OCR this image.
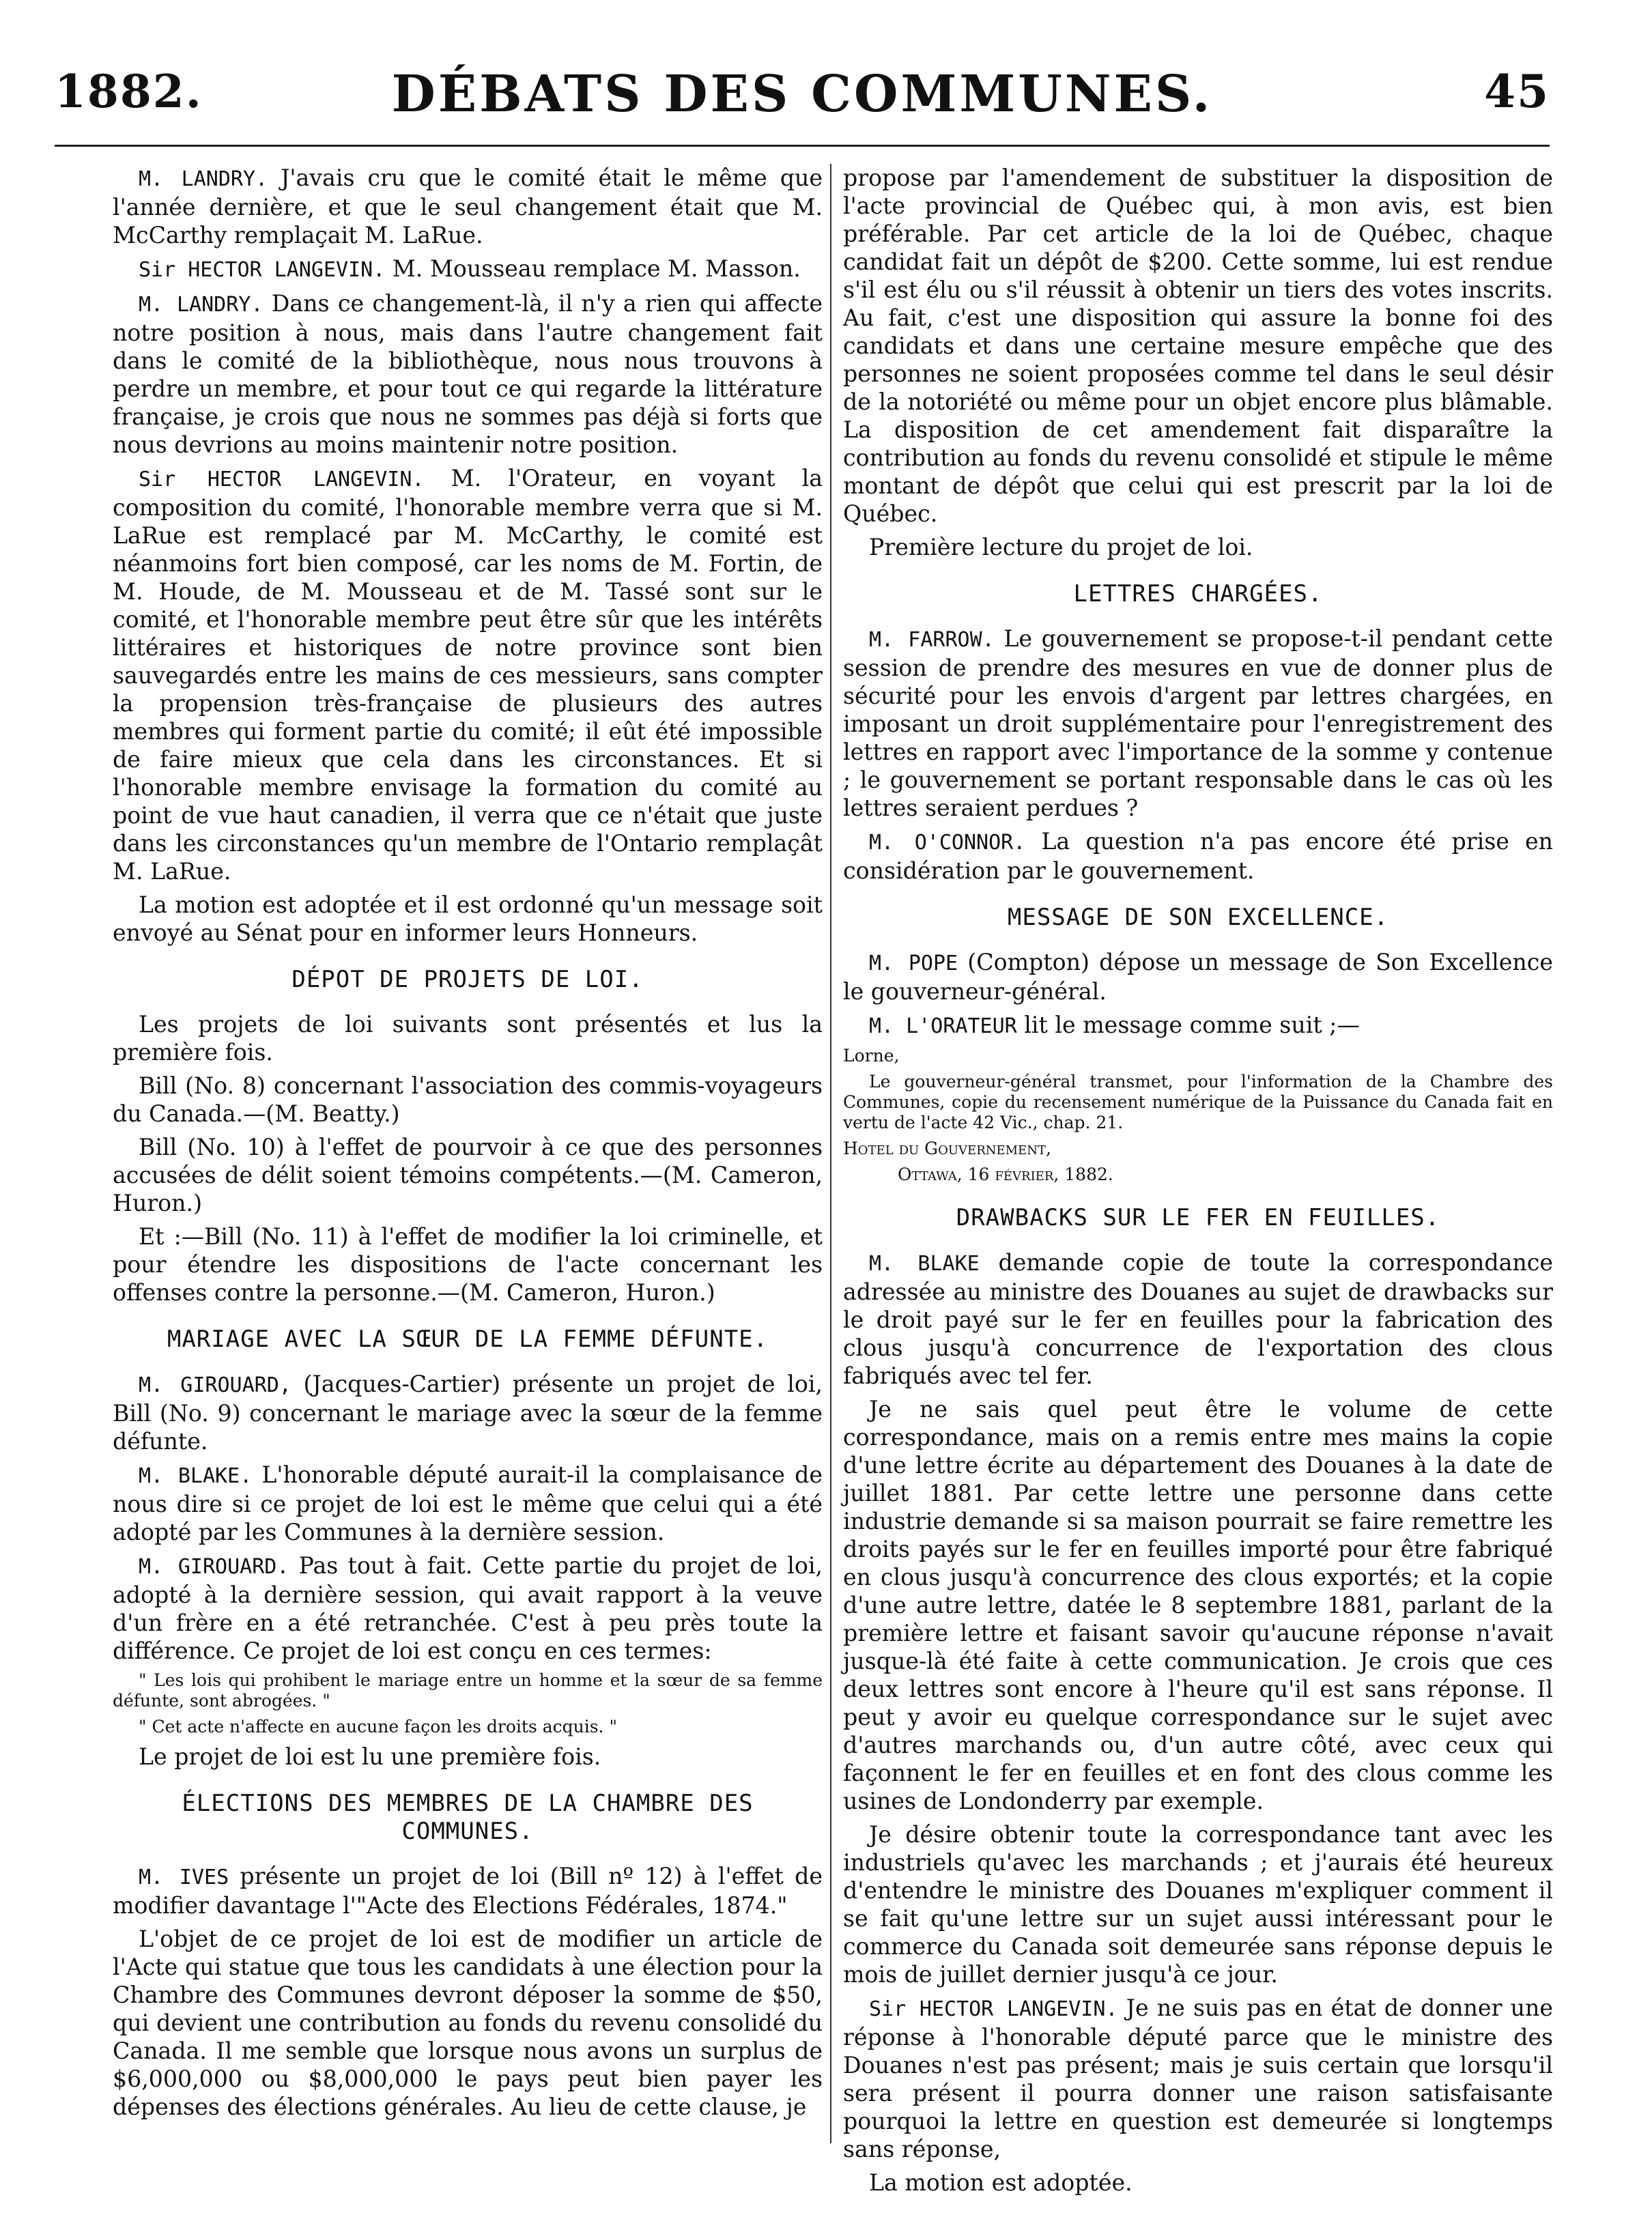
1882.	DÉBATS DES COMMUNES.	45

M. LANDRY. J'avais cru que le comité était le même que l'année dernière, et que le seul changement était que M. McCarthy remplaçait M. LaRue.

Sir HECTOR LANGEVIN. M. Mousseau remplace M. Masson.

M. LANDRY. Dans ce changement-là, il n'y a rien qui affecte notre position à nous, mais dans l'autre changement fait dans le comité de la bibliothèque, nous nous trouvons à perdre un membre, et pour tout ce qui regarde la littérature française, je crois que nous ne sommes pas déjà si forts que nous devrions au moins maintenir notre position.

Sir HECTOR LANGEVIN. M. l'Orateur, en voyant la composition du comité, l'honorable membre verra que si M. LaRue est remplacé par M. McCarthy, le comité est néanmoins fort bien composé, car les noms de M. Fortin, de M. Houde, de M. Mousseau et de M. Tassé sont sur le comité, et l'honorable membre peut être sûr que les intérêts littéraires et historiques de notre province sont bien sauvegardés entre les mains de ces messieurs, sans compter la propension très-française de plusieurs des autres membres qui forment partie du comité; il eût été impossible de faire mieux que cela dans les circonstances. Et si l'honorable membre envisage la formation du comité au point de vue haut canadien, il verra que ce n'était que juste dans les circonstances qu'un membre de l'Ontario remplaçât M. LaRue.

La motion est adoptée et il est ordonné qu'un message soit envoyé au Sénat pour en informer leurs Honneurs.

DÉPOT DE PROJETS DE LOI.

Les projets de loi suivants sont présentés et lus la première fois.

Bill (No. 8) concernant l'association des commis-voyageurs du Canada.—(M. Beatty.)

Bill (No. 10) à l'effet de pourvoir à ce que des personnes accusées de délit soient témoins compétents.—(M. Cameron, Huron.)

Et :—Bill (No. 11) à l'effet de modifier la loi criminelle, et pour étendre les dispositions de l'acte concernant les offenses contre la personne.—(M. Cameron, Huron.)

MARIAGE AVEC LA SŒUR DE LA FEMME DÉFUNTE.

M. GIROUARD, (Jacques-Cartier) présente un projet de loi, Bill (No. 9) concernant le mariage avec la sœur de la femme défunte.

M. BLAKE. L'honorable député aurait-il la complaisance de nous dire si ce projet de loi est le même que celui qui a été adopté par les Communes à la dernière session.

M. GIROUARD. Pas tout à fait. Cette partie du projet de loi, adopté à la dernière session, qui avait rapport à la veuve d'un frère en a été retranchée. C'est à peu près toute la différence. Ce projet de loi est conçu en ces termes:

" Les lois qui prohibent le mariage entre un homme et la sœur de sa femme défunte, sont abrogées. "

" Cet acte n'affecte en aucune façon les droits acquis. "

Le projet de loi est lu une première fois.

ÉLECTIONS DES MEMBRES DE LA CHAMBRE DES COMMUNES.

M. IVES présente un projet de loi (Bill nº 12) à l'effet de modifier davantage l'"Acte des Elections Fédérales, 1874."

L'objet de ce projet de loi est de modifier un article de l'Acte qui statue que tous les candidats à une élection pour la Chambre des Communes devront déposer la somme de $50, qui devient une contribution au fonds du revenu consolidé du Canada. Il me semble que lorsque nous avons un surplus de $6,000,000 ou $8,000,000 le pays peut bien payer les dépenses des élections générales. Au lieu de cette clause, je

propose par l'amendement de substituer la disposition de l'acte provincial de Québec qui, à mon avis, est bien préférable. Par cet article de la loi de Québec, chaque candidat fait un dépôt de $200. Cette somme, lui est rendue s'il est élu ou s'il réussit à obtenir un tiers des votes inscrits. Au fait, c'est une disposition qui assure la bonne foi des candidats et dans une certaine mesure empêche que des personnes ne soient proposées comme tel dans le seul désir de la notoriété ou même pour un objet encore plus blâmable. La disposition de cet amendement fait disparaître la contribution au fonds du revenu consolidé et stipule le même montant de dépôt que celui qui est prescrit par la loi de Québec.

Première lecture du projet de loi.

LETTRES CHARGÉES.

M. FARROW. Le gouvernement se propose-t-il pendant cette session de prendre des mesures en vue de donner plus de sécurité pour les envois d'argent par lettres chargées, en imposant un droit supplémentaire pour l'enregistrement des lettres en rapport avec l'importance de la somme y contenue ; le gouvernement se portant responsable dans le cas où les lettres seraient perdues ?

M. O'CONNOR. La question n'a pas encore été prise en considération par le gouvernement.

MESSAGE DE SON EXCELLENCE.

M. POPE (Compton) dépose un message de Son Excellence le gouverneur-général.

M. L'ORATEUR lit le message comme suit ;—

Lorne,

Le gouverneur-général transmet, pour l'information de la Chambre des Communes, copie du recensement numérique de la Puissance du Canada fait en vertu de l'acte 42 Vic., chap. 21.

Hotel du Gouvernement,

Ottawa, 16 février, 1882.

DRAWBACKS SUR LE FER EN FEUILLES.

M. BLAKE demande copie de toute la correspondance adressée au ministre des Douanes au sujet de drawbacks sur le droit payé sur le fer en feuilles pour la fabrication des clous jusqu'à concurrence de l'exportation des clous fabriqués avec tel fer.

Je ne sais quel peut être le volume de cette correspondance, mais on a remis entre mes mains la copie d'une lettre écrite au département des Douanes à la date de juillet 1881. Par cette lettre une personne dans cette industrie demande si sa maison pourrait se faire remettre les droits payés sur le fer en feuilles importé pour être fabriqué en clous jusqu'à concurrence des clous exportés; et la copie d'une autre lettre, datée le 8 septembre 1881, parlant de la première lettre et faisant savoir qu'aucune réponse n'avait jusque-là été faite à cette communication. Je crois que ces deux lettres sont encore à l'heure qu'il est sans réponse. Il peut y avoir eu quelque correspondance sur le sujet avec d'autres marchands ou, d'un autre côté, avec ceux qui façonnent le fer en feuilles et en font des clous comme les usines de Londonderry par exemple.

Je désire obtenir toute la correspondance tant avec les industriels qu'avec les marchands ; et j'aurais été heureux d'entendre le ministre des Douanes m'expliquer comment il se fait qu'une lettre sur un sujet aussi intéressant pour le commerce du Canada soit demeurée sans réponse depuis le mois de juillet dernier jusqu'à ce jour.

Sir HECTOR LANGEVIN. Je ne suis pas en état de donner une réponse à l'honorable député parce que le ministre des Douanes n'est pas présent; mais je suis certain que lorsqu'il sera présent il pourra donner une raison satisfaisante pourquoi la lettre en question est demeurée si longtemps sans réponse,

La motion est adoptée.
